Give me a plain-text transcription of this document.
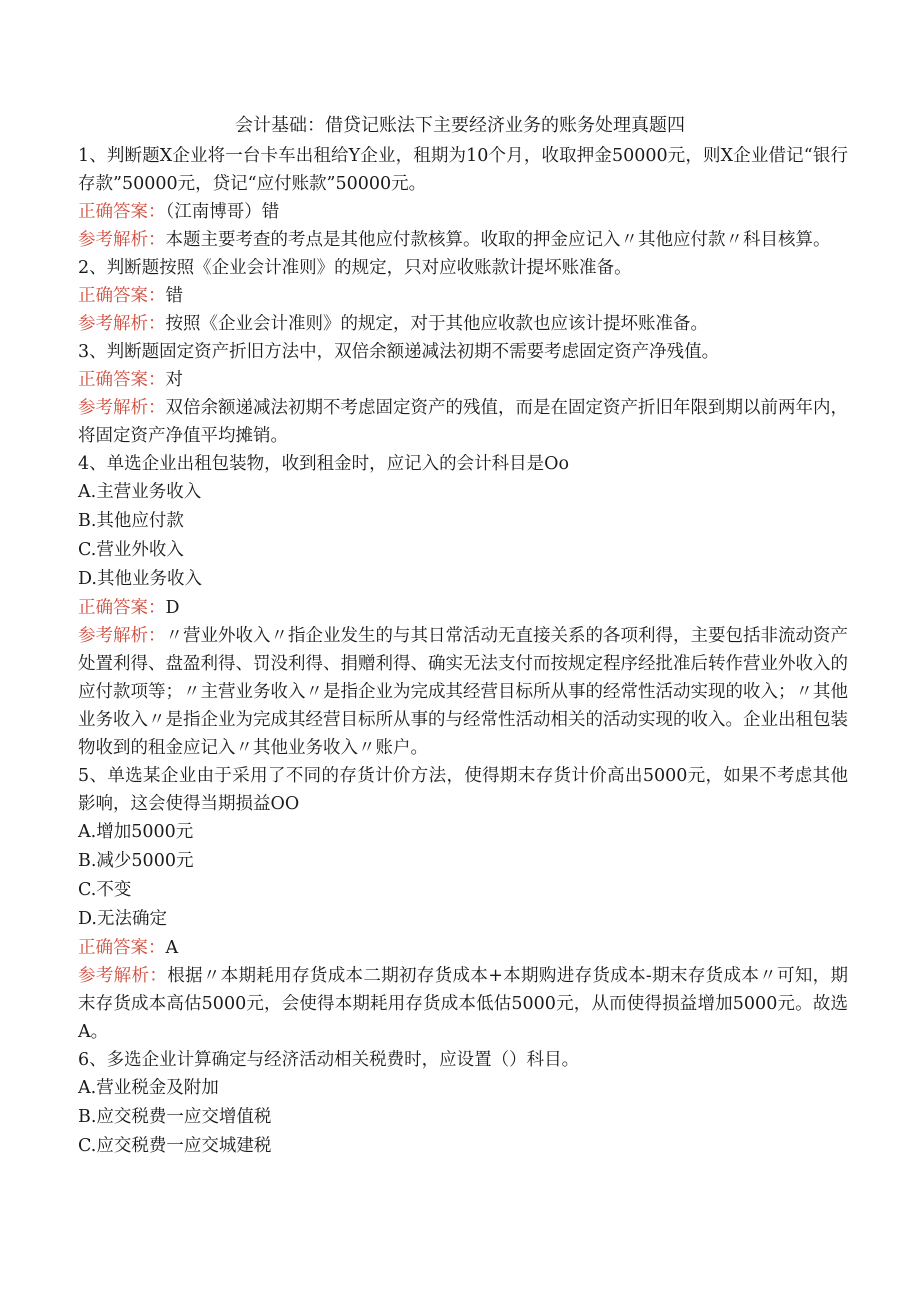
会计基础：借贷记账法下主要经济业务的账务处理真题四
1、判断题X企业将一台卡车出租给Y企业，租期为10个月，收取押金50000元，则X企业借记“银行存款”50000元，贷记“应付账款”50000元。
正确答案：（江南博哥）错
参考解析：本题主要考查的考点是其他应付款核算。收取的押金应记入〃其他应付款〃科目核算。
2、判断题按照《企业会计准则》的规定，只对应收账款计提坏账准备。
正确答案：错
参考解析：按照《企业会计准则》的规定，对于其他应收款也应该计提坏账准备。
3、判断题固定资产折旧方法中，双倍余额递减法初期不需要考虑固定资产净残值。
正确答案：对
参考解析：双倍余额递减法初期不考虑固定资产的残值，而是在固定资产折旧年限到期以前两年内，将固定资产净值平均摊销。
4、单选企业出租包装物，收到租金时，应记入的会计科目是Oo
A.主营业务收入
B.其他应付款
C.营业外收入
D.其他业务收入
正确答案：D
参考解析：〃营业外收入〃指企业发生的与其日常活动无直接关系的各项利得，主要包括非流动资产处置利得、盘盈利得、罚没利得、捐赠利得、确实无法支付而按规定程序经批准后转作营业外收入的应付款项等；〃主营业务收入〃是指企业为完成其经营目标所从事的经常性活动实现的收入；〃其他业务收入〃是指企业为完成其经营目标所从事的与经常性活动相关的活动实现的收入。企业出租包装物收到的租金应记入〃其他业务收入〃账户。
5、单选某企业由于采用了不同的存货计价方法，使得期末存货计价高出5000元，如果不考虑其他影响，这会使得当期损益OO
A.增加5000元
B.减少5000元
C.不变
D.无法确定
正确答案：A
参考解析：根据〃本期耗用存货成本二期初存货成本+本期购进存货成本-期末存货成本〃可知，期末存货成本高估5000元，会使得本期耗用存货成本低估5000元，从而使得损益增加5000元。故选A。
6、多选企业计算确定与经济活动相关税费时，应设置（）科目。
A.营业税金及附加
B.应交税费一应交增值税
C.应交税费一应交城建税
